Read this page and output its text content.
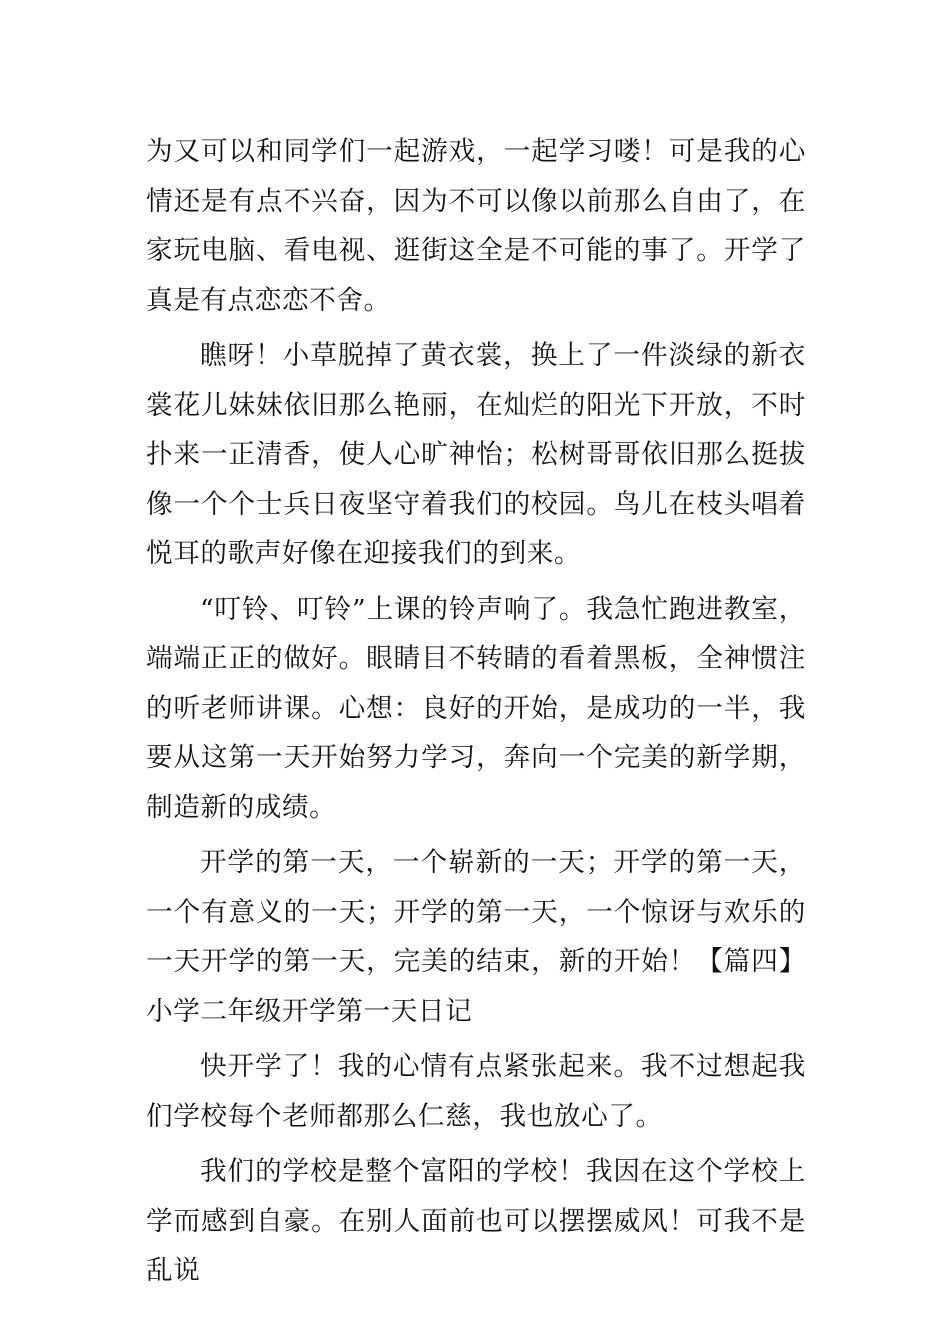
为又可以和同学们一起游戏，一起学习喽！可是我的心情还是有点不兴奋，因为不可以像以前那么自由了，在家玩电脑、看电视、逛街这全是不可能的事了。开学了真是有点恋恋不舍。

瞧呀！小草脱掉了黄衣裳，换上了一件淡绿的新衣裳花儿妹妹依旧那么艳丽，在灿烂的阳光下开放，不时扑来一正清香，使人心旷神怡；松树哥哥依旧那么挺拔像一个个士兵日夜坚守着我们的校园。鸟儿在枝头唱着悦耳的歌声好像在迎接我们的到来。

“叮铃、叮铃”上课的铃声响了。我急忙跑进教室，端端正正的做好。眼睛目不转睛的看着黑板，全神惯注的听老师讲课。心想：良好的开始，是成功的一半，我要从这第一天开始努力学习，奔向一个完美的新学期，制造新的成绩。

开学的第一天，一个崭新的一天；开学的第一天，一个有意义的一天；开学的第一天，一个惊讶与欢乐的一天开学的第一天，完美的结束，新的开始！【篇四】小学二年级开学第一天日记

快开学了！我的心情有点紧张起来。我不过想起我们学校每个老师都那么仁慈，我也放心了。

我们的学校是整个富阳的学校！我因在这个学校上学而感到自豪。在别人面前也可以摆摆威风！可我不是乱说
